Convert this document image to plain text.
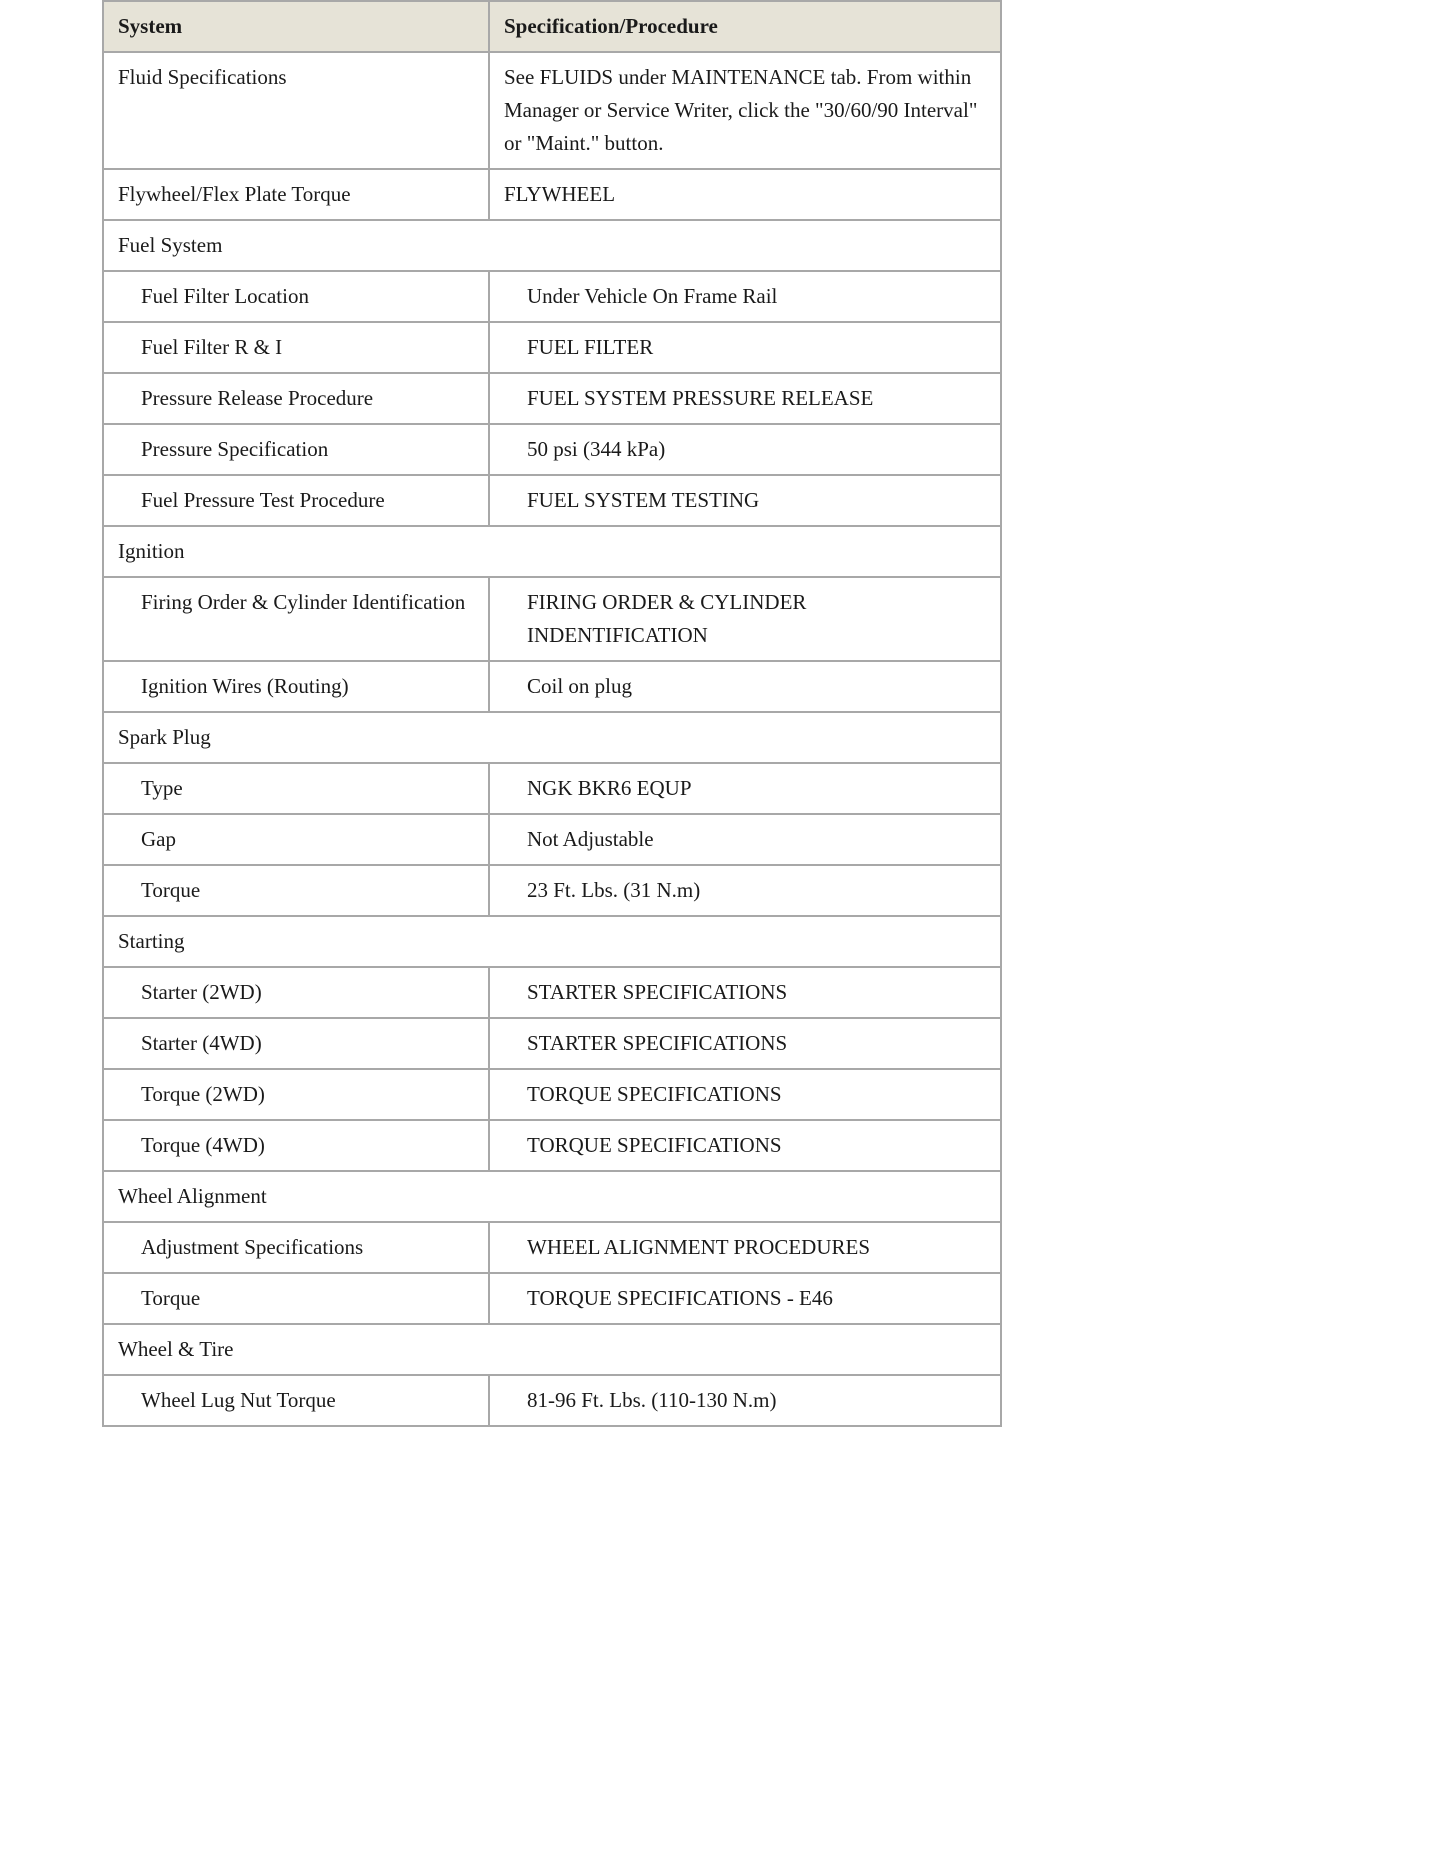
System	Specification/Procedure
Fluid Specifications	See FLUIDS under MAINTENANCE tab. From within Manager or Service Writer, click the "30/60/90 Interval" or "Maint." button.
Flywheel/Flex Plate Torque	FLYWHEEL
Fuel System	
Fuel Filter Location	Under Vehicle On Frame Rail
Fuel Filter R & I	FUEL FILTER
Pressure Release Procedure	FUEL SYSTEM PRESSURE RELEASE
Pressure Specification	50 psi (344 kPa)
Fuel Pressure Test Procedure	FUEL SYSTEM TESTING
Ignition	
Firing Order & Cylinder Identification	FIRING ORDER & CYLINDER INDENTIFICATION
Ignition Wires (Routing)	Coil on plug
Spark Plug	
Type	NGK BKR6 EQUP
Gap	Not Adjustable
Torque	23 Ft. Lbs. (31 N.m)
Starting	
Starter (2WD)	STARTER SPECIFICATIONS
Starter (4WD)	STARTER SPECIFICATIONS
Torque (2WD)	TORQUE SPECIFICATIONS
Torque (4WD)	TORQUE SPECIFICATIONS
Wheel Alignment	
Adjustment Specifications	WHEEL ALIGNMENT PROCEDURES
Torque	TORQUE SPECIFICATIONS - E46
Wheel & Tire	
Wheel Lug Nut Torque	81-96 Ft. Lbs. (110-130 N.m)
